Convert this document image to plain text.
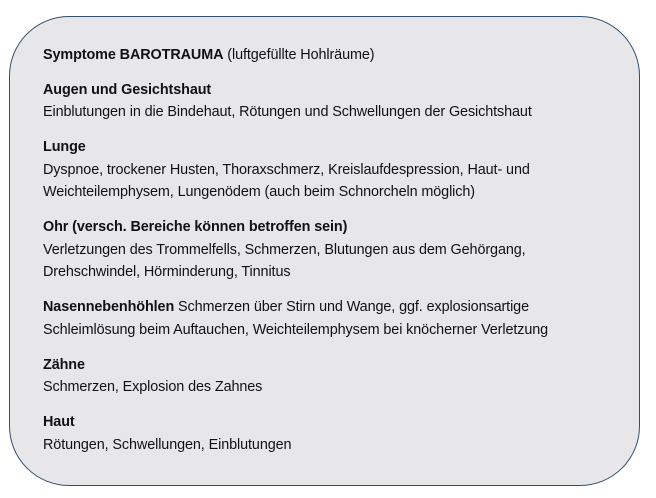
Symptome BAROTRAUMA (luftgefüllte Hohlräume)

Augen und Gesichtshaut

Einblutungen in die Bindehaut, Rötungen und Schwellungen der Gesichtshaut

Lunge

Dyspnoe, trockener Husten, Thoraxschmerz, Kreislaufdespression, Haut- und

Weichteilemphysem, Lungenödem (auch beim Schnorcheln möglich)

Ohr (versch. Bereiche können betroffen sein)

Verletzungen des Trommelfells, Schmerzen, Blutungen aus dem Gehörgang,

Drehschwindel, Hörminderung, Tinnitus

Nasennebenhöhlen Schmerzen über Stirn und Wange, ggf. explosionsartige

Schleimlösung beim Auftauchen, Weichteilemphysem bei knöcherner Verletzung

Zähne

Schmerzen, Explosion des Zahnes

Haut

Rötungen, Schwellungen, Einblutungen
